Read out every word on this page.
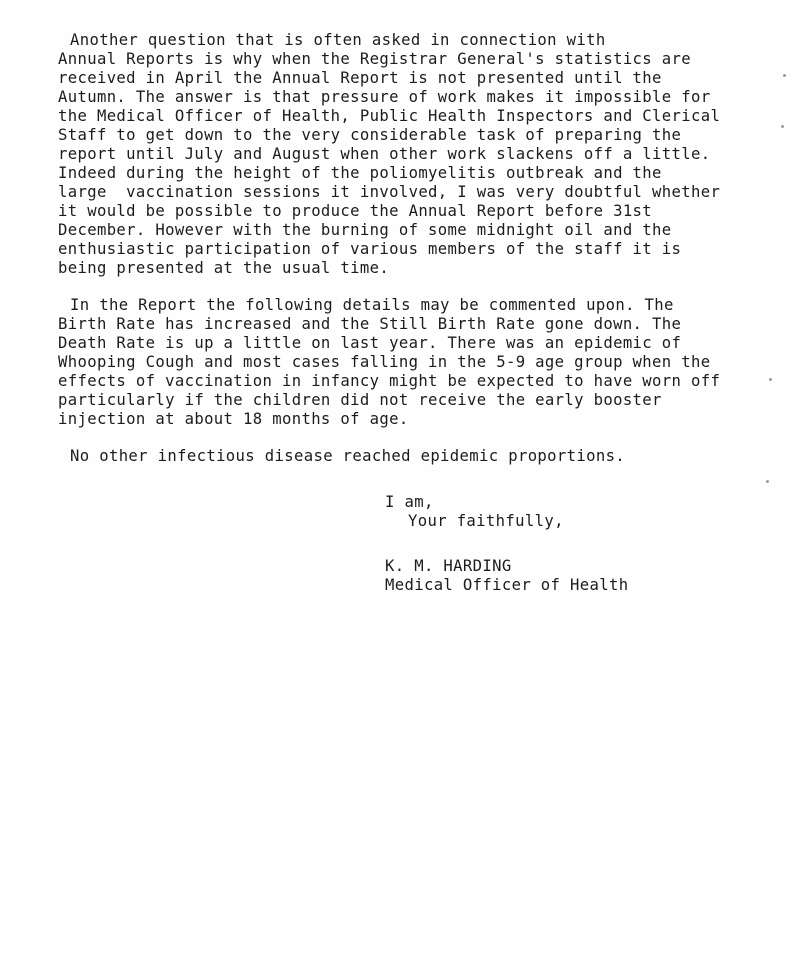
Another question that is often asked in connection with
Annual Reports is why when the Registrar General's statistics are
received in April the Annual Report is not presented until the
Autumn. The answer is that pressure of work makes it impossible for
the Medical Officer of Health, Public Health Inspectors and Clerical
Staff to get down to the very considerable task of preparing the
report until July and August when other work slackens off a little.
Indeed during the height of the poliomyelitis outbreak and the
large  vaccination sessions it involved, I was very doubtful whether
it would be possible to produce the Annual Report before 31st
December. However with the burning of some midnight oil and the
enthusiastic participation of various members of the staff it is
being presented at the usual time.
In the Report the following details may be commented upon. The
Birth Rate has increased and the Still Birth Rate gone down. The
Death Rate is up a little on last year. There was an epidemic of
Whooping Cough and most cases falling in the 5-9 age group when the
effects of vaccination in infancy might be expected to have worn off
particularly if the children did not receive the early booster
injection at about 18 months of age.
No other infectious disease reached epidemic proportions.
I am,
Your faithfully,
K. M. HARDING
Medical Officer of Health
